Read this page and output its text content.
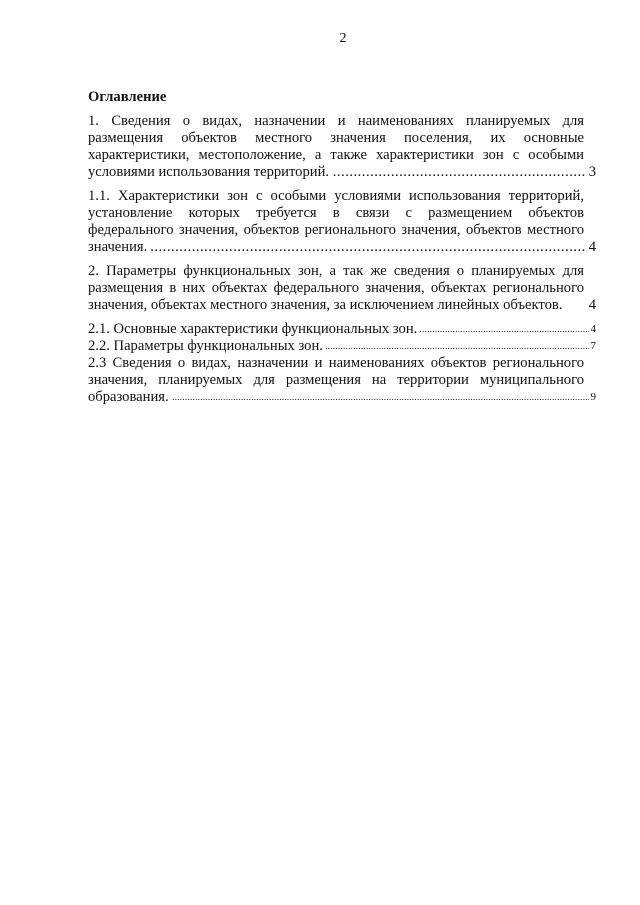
2
Оглавление
.....
1. Сведения о видах, назначении и наименованиях планируемых для размещения объектов местного значения поселения, их основные характеристики, местоположение, а также характеристики зон с особыми условиями использования территорий.	3
.....
1.1. Характеристики зон с особыми условиями использования территорий, установление которых требуется в связи с размещением объектов федерального значения, объектов регионального значения, объектов местного значения.	4
2. Параметры функциональных зон, а так же сведения о планируемых для размещения в них объектах федерального значения, объектах регионального значения, объектах местного значения, за исключением линейных объектов. 4
.....
2.1. Основные характеристики функциональных зон.	4
.....
2.2. Параметры функциональных зон.	7
.....
2.3 Сведения о видах, назначении и наименованиях объектов регионального значения, планируемых для размещения на территории муниципального образования.	9
